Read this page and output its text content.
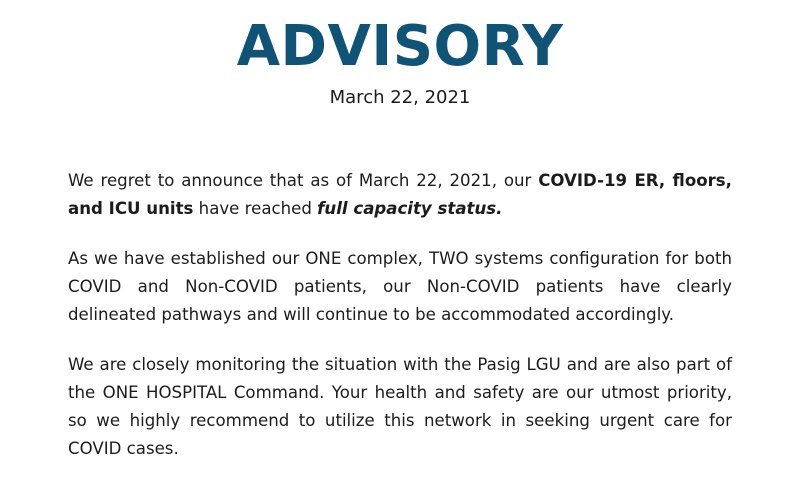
ADVISORY
March 22, 2021

We regret to announce that as of March 22, 2021, our COVID-19 ER, floors, and ICU units have reached full capacity status.

As we have established our ONE complex, TWO systems configuration for both COVID and Non-COVID patients, our Non-COVID patients have clearly delineated pathways and will continue to be accommodated accordingly.

We are closely monitoring the situation with the Pasig LGU and are also part of the ONE HOSPITAL Command. Your health and safety are our utmost priority, so we highly recommend to utilize this network in seeking urgent care for COVID cases.
